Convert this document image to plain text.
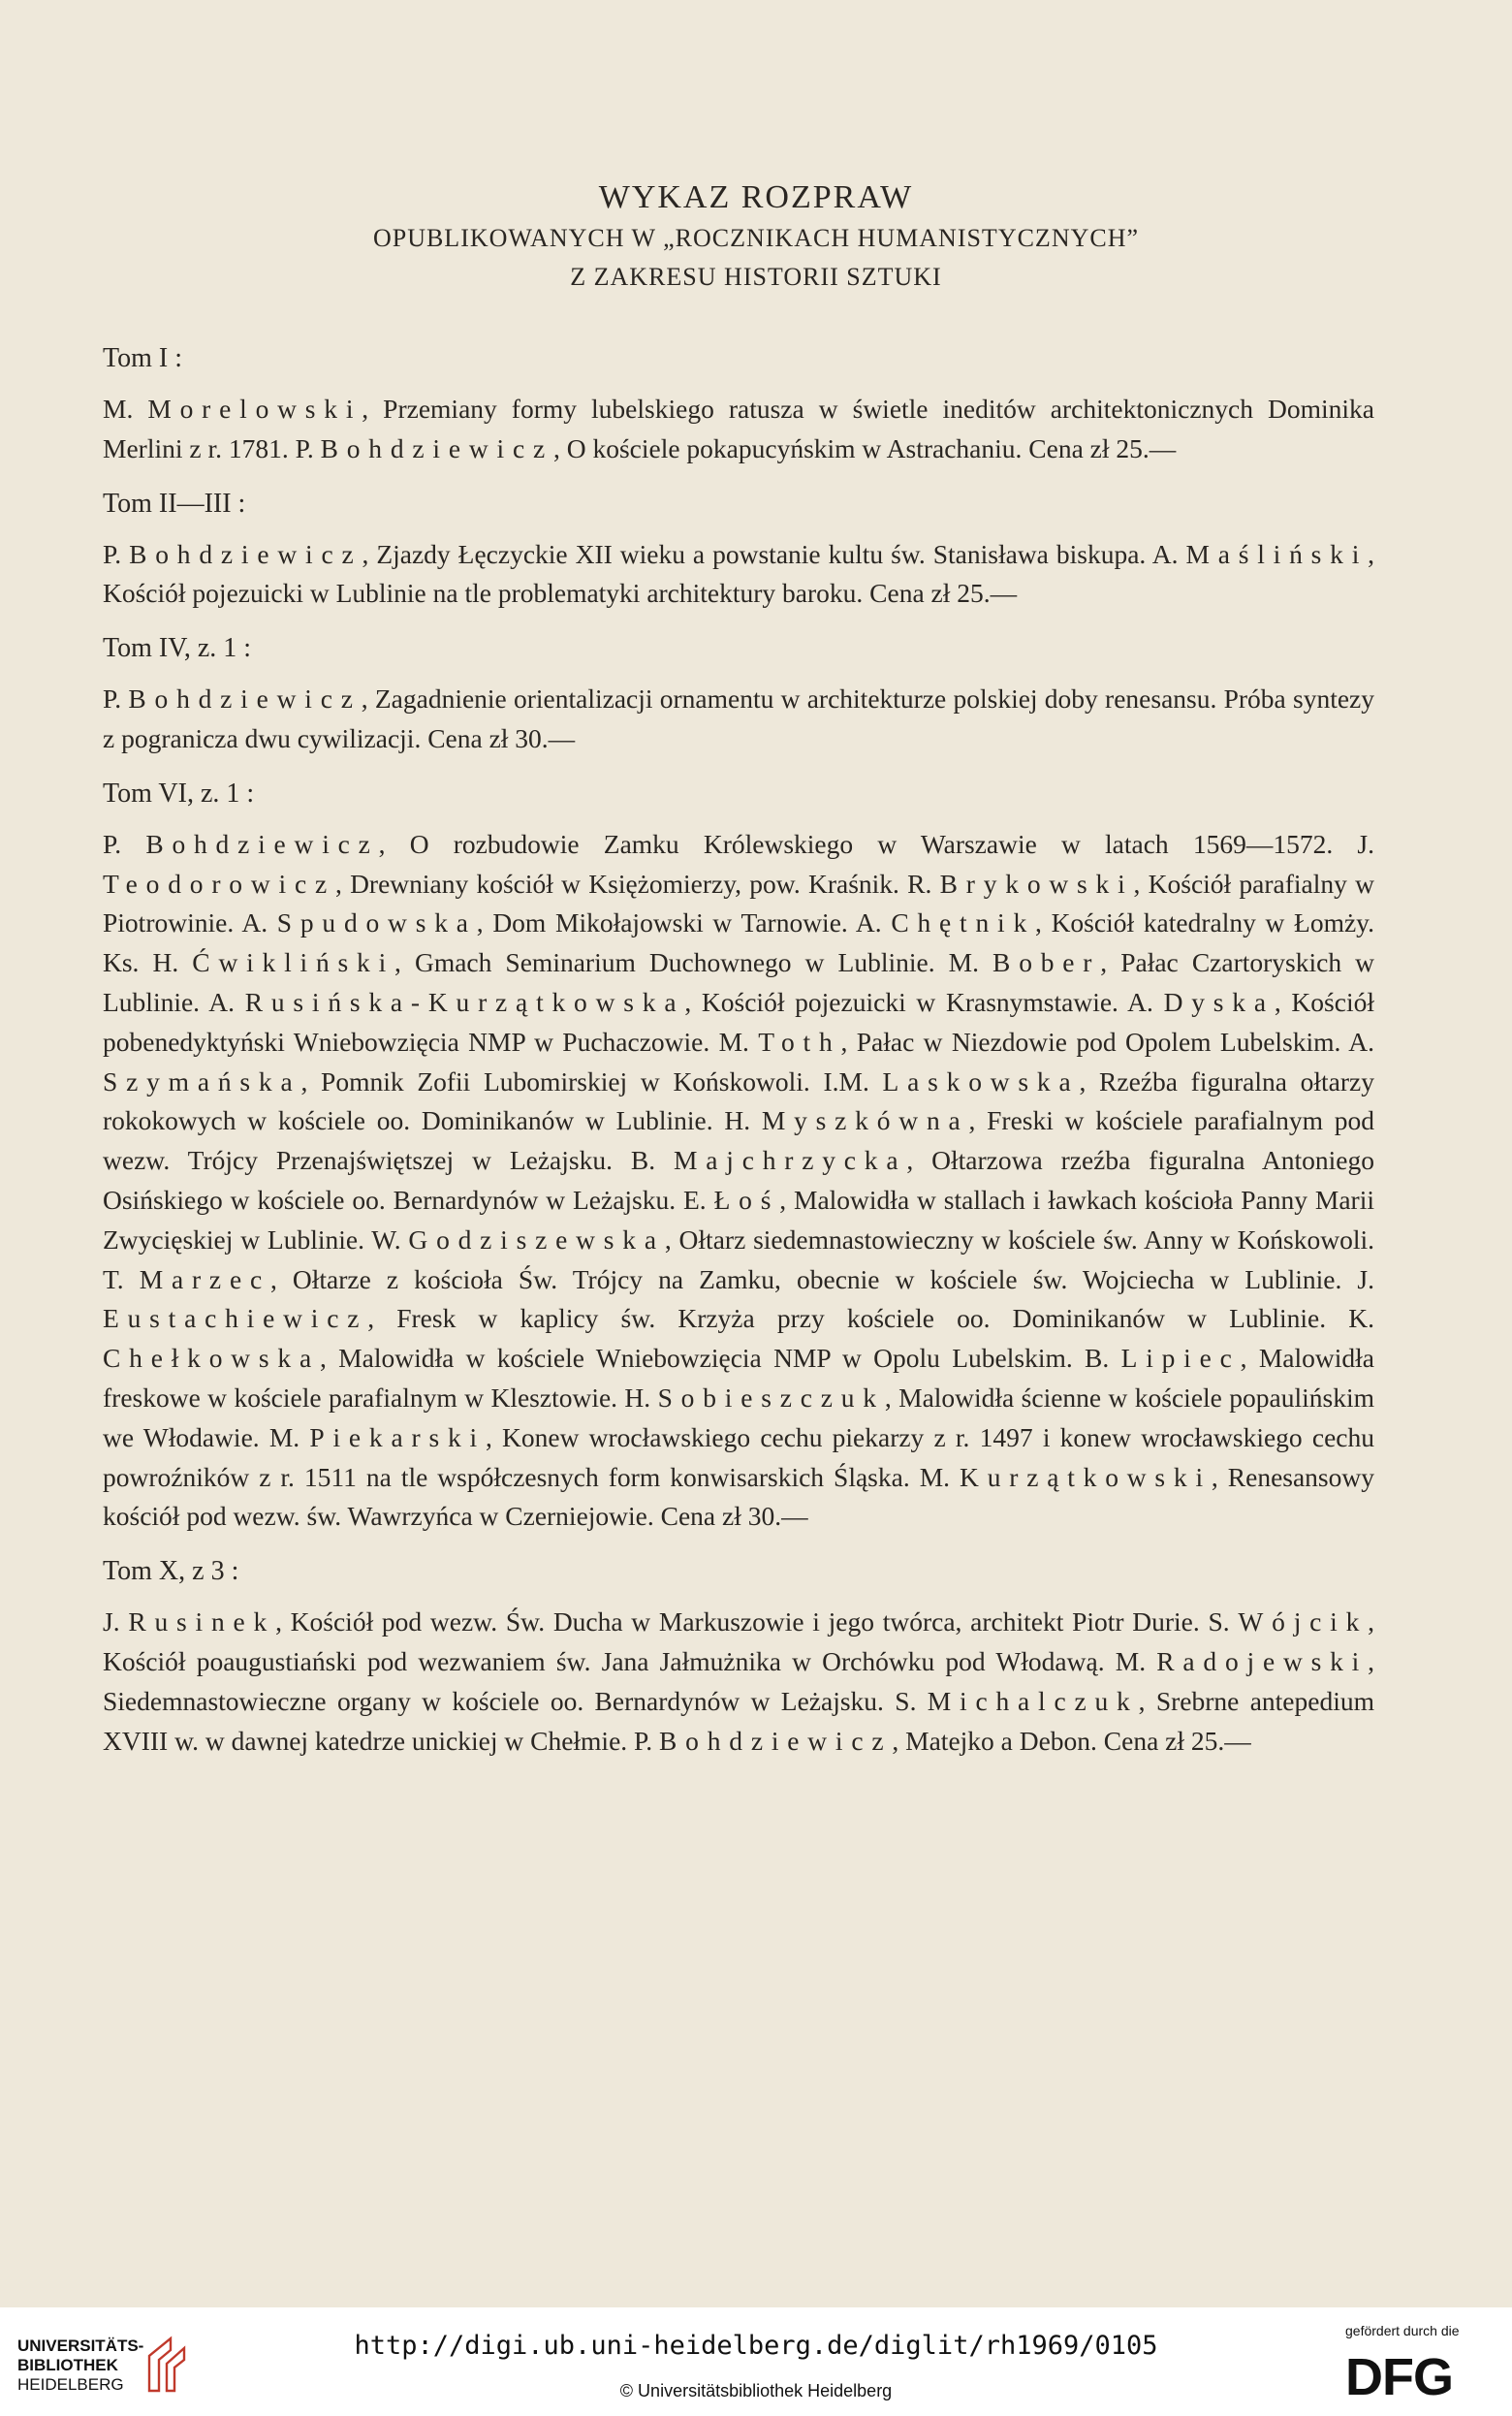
WYKAZ ROZPRAW
OPUBLIKOWANYCH W „ROCZNIKACH HUMANISTYCZNYCH”
Z ZAKRESU HISTORII SZTUKI
Tom I :
M. Morelowski, Przemiany formy lubelskiego ratusza w świetle ineditów architektonicznych Dominika Merlini z r. 1781. P. Bohdziewicz, O kościele pokapucyńskim w Astrachaniu. Cena zł 25.—
Tom II—III :
P. Bohdziewicz, Zjazdy Łęczyckie XII wieku a powstanie kultu św. Stanisława biskupa. A. Maśliński, Kościół pojezuicki w Lublinie na tle problematyki architektury baroku. Cena zł 25.—
Tom IV, z. 1 :
P. Bohdziewicz, Zagadnienie orientalizacji ornamentu w architekturze polskiej doby renesansu. Próba syntezy z pogranicza dwu cywilizacji. Cena zł 30.—
Tom VI, z. 1 :
P. Bohdziewicz, O rozbudowie Zamku Królewskiego w Warszawie w latach 1569—1572. J. Teodorowicz, Drewniany kościół w Księżomierzy, pow. Kraśnik. R. Brykowski, Kościół parafialny w Piotrowinie. A. Spudowska, Dom Mikołajowski w Tarnowie. A. Chętnik, Kościół katedralny w Łomży. Ks. H. Ćwikliński, Gmach Seminarium Duchownego w Lublinie. M. Bober, Pałac Czartoryskich w Lublinie. A. Rusińska-Kurzątkowska, Kościół pojezuicki w Krasnymstawie. A. Dyska, Kościół pobenedyktyński Wniebowzięcia NMP w Puchaczowie. M. Toth, Pałac w Niezdowie pod Opolem Lubelskim. A. Szymańska, Pomnik Zofii Lubomirskiej w Końskowoli. I.M. Laskowska, Rzeźba figuralna ołtarzy rokokowych w kościele oo. Dominikanów w Lublinie. H. Myszkówna, Freski w kościele parafialnym pod wezw. Trójcy Przenajświętszej w Leżajsku. B. Majchrzycka, Ołtarzowa rzeźba figuralna Antoniego Osińskiego w kościele oo. Bernardynów w Leżajsku. E. Łoś, Malowidła w stallach i ławkach kościoła Panny Marii Zwycięskiej w Lublinie. W. Godziszewska, Ołtarz siedemnastowieczny w kościele św. Anny w Końskowoli. T. Marzec, Ołtarze z kościoła Św. Trójcy na Zamku, obecnie w kościele św. Wojciecha w Lublinie. J. Eustachiewicz, Fresk w kaplicy św. Krzyża przy kościele oo. Dominikanów w Lublinie. K. Chełkowska, Malowidła w kościele Wniebowzięcia NMP w Opolu Lubelskim. B. Lipiec, Malowidła freskowe w kościele parafialnym w Klesztowie. H. Sobieszczuk, Malowidła ścienne w kościele popaulińskim we Włodawie. M. Piekarski, Konew wrocławskiego cechu piekarzy z r. 1497 i konew wrocławskiego cechu powroźników z r. 1511 na tle współczesnych form konwisarskich Śląska. M. Kurzątkowski, Renesansowy kościół pod wezw. św. Wawrzyńca w Czerniejowie. Cena zł 30.—
Tom X, z 3 :
J. Rusinek, Kościół pod wezw. Św. Ducha w Markuszowie i jego twórca, architekt Piotr Durie. S. Wójcik, Kościół poaugustiański pod wezwaniem św. Jana Jałmużnika w Orchówku pod Włodawą. M. Radojewski, Siedemnastowieczne organy w kościele oo. Bernardynów w Leżajsku. S. Michalczuk, Srebrne antepedium XVIII w. w dawnej katedrze unickiej w Chełmie. P. Bohdziewicz, Matejko a Debon. Cena zł 25.—
UNIVERSITÄTS-
BIBLIOTHEK
HEIDELBERG
http://digi.ub.uni-heidelberg.de/diglit/rh1969/0105
© Universitätsbibliothek Heidelberg
gefördert durch die
DFG
